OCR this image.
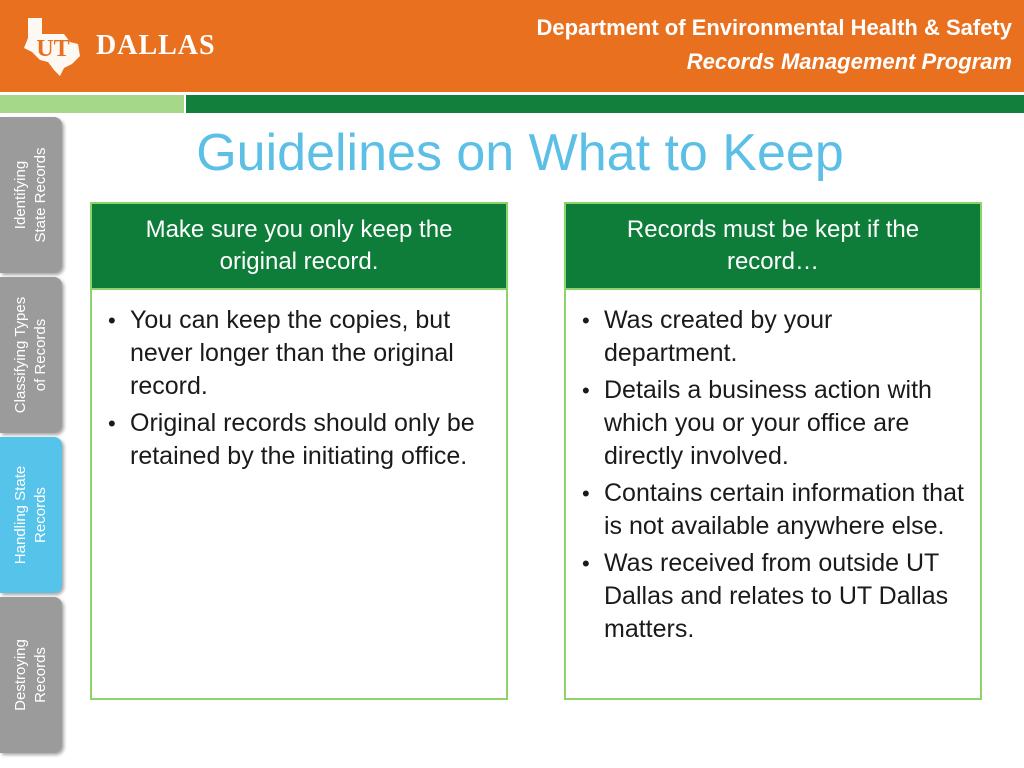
UT DALLAS
Department of Environmental Health & Safety
Records Management Program
Identifying State Records
Classifying Types of Records
Handling State Records
Destroying Records
Guidelines on What to Keep
Make sure you only keep the
original record.
• You can keep the copies, but never longer than the original record.
• Original records should only be retained by the initiating office.
Records must be kept if the
record…
• Was created by your department.
• Details a business action with which you or your office are directly involved.
• Contains certain information that is not available anywhere else.
• Was received from outside UT Dallas and relates to UT Dallas matters.
